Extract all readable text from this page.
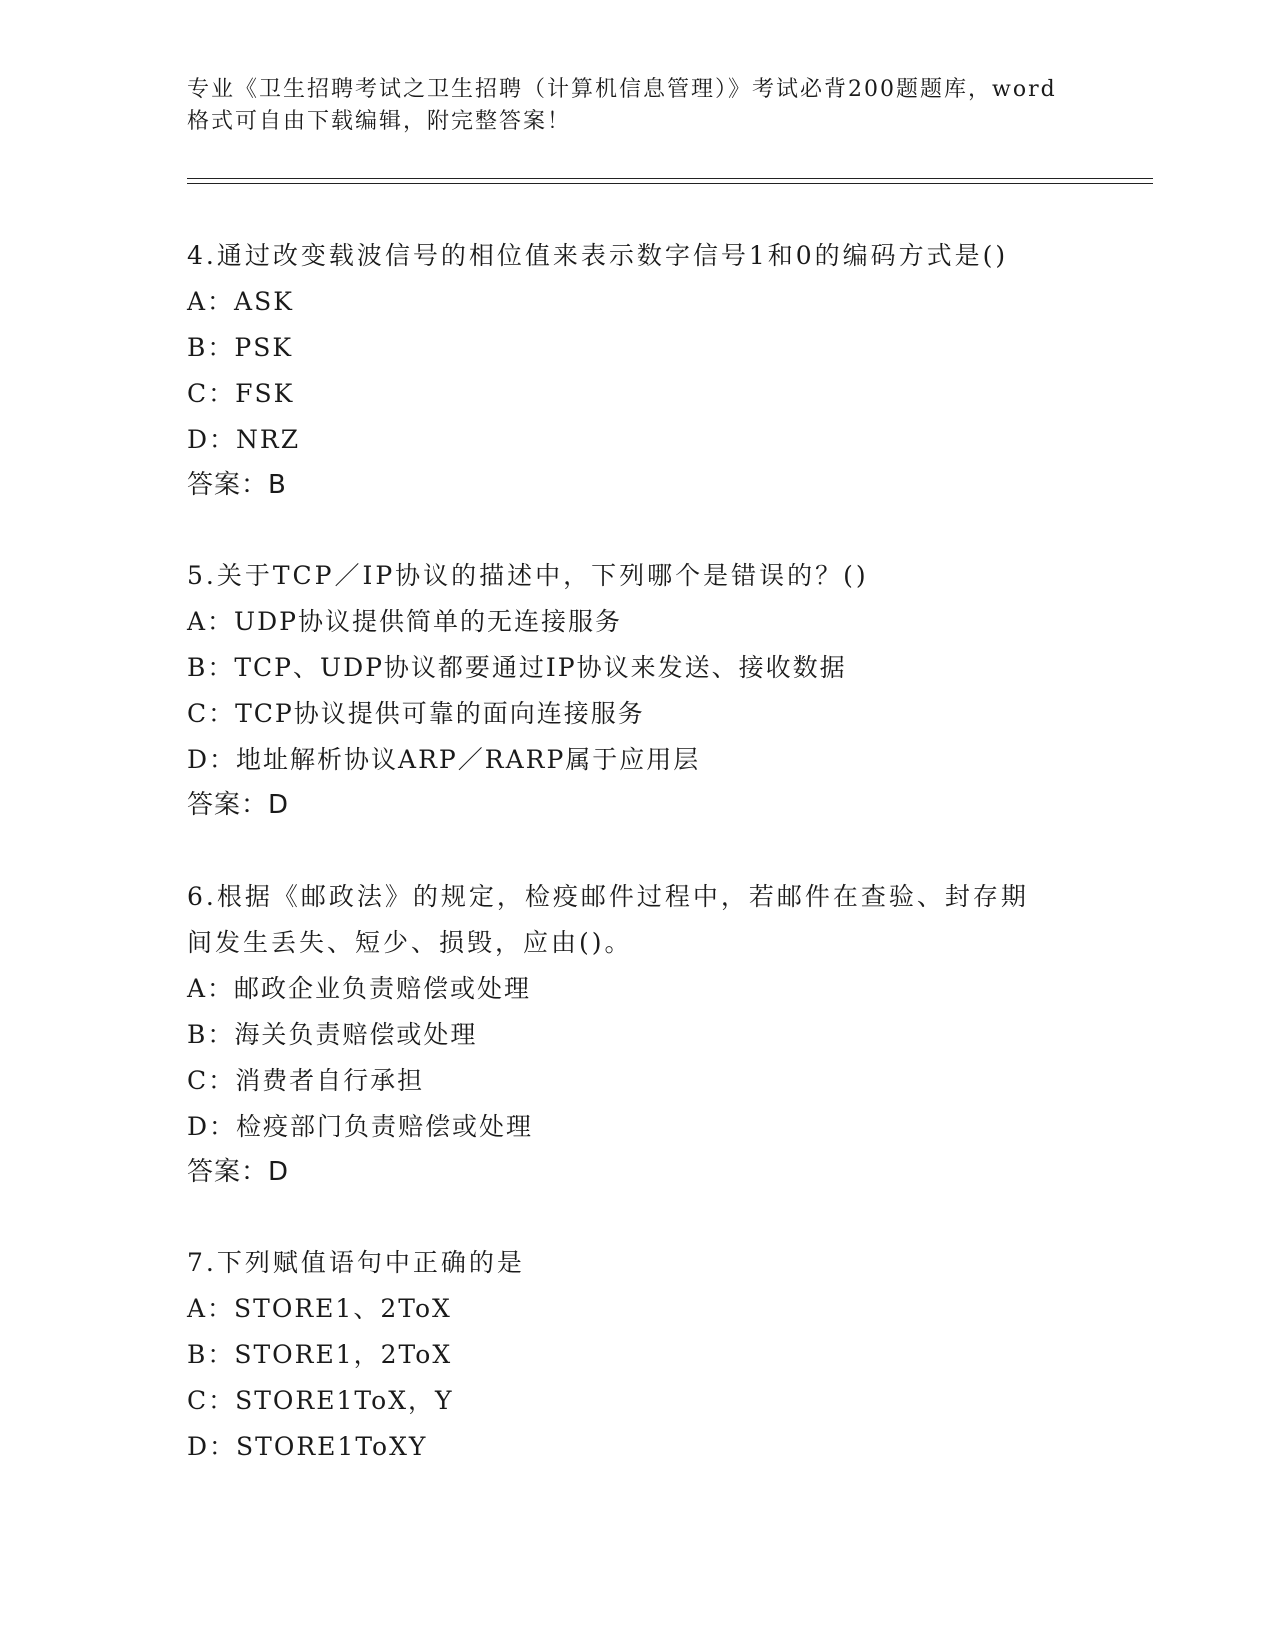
专业《卫生招聘考试之卫生招聘（计算机信息管理）》考试必背200题题库，word
格式可自由下载编辑，附完整答案！

4.通过改变载波信号的相位值来表示数字信号1和0的编码方式是()

A：ASK

B：PSK

C：FSK

D：NRZ

答案：B

5.关于TCP／IP协议的描述中，下列哪个是错误的？()

A：UDP协议提供简单的无连接服务

B：TCP、UDP协议都要通过IP协议来发送、接收数据

C：TCP协议提供可靠的面向连接服务

D：地址解析协议ARP／RARP属于应用层

答案：D

6.根据《邮政法》的规定，检疫邮件过程中，若邮件在查验、封存期

间发生丢失、短少、损毁，应由()。

A：邮政企业负责赔偿或处理

B：海关负责赔偿或处理

C：消费者自行承担

D：检疫部门负责赔偿或处理

答案：D

7.下列赋值语句中正确的是

A：STORE1、2ToX

B：STORE1，2ToX

C：STORE1ToX，Y

D：STORE1ToXY
